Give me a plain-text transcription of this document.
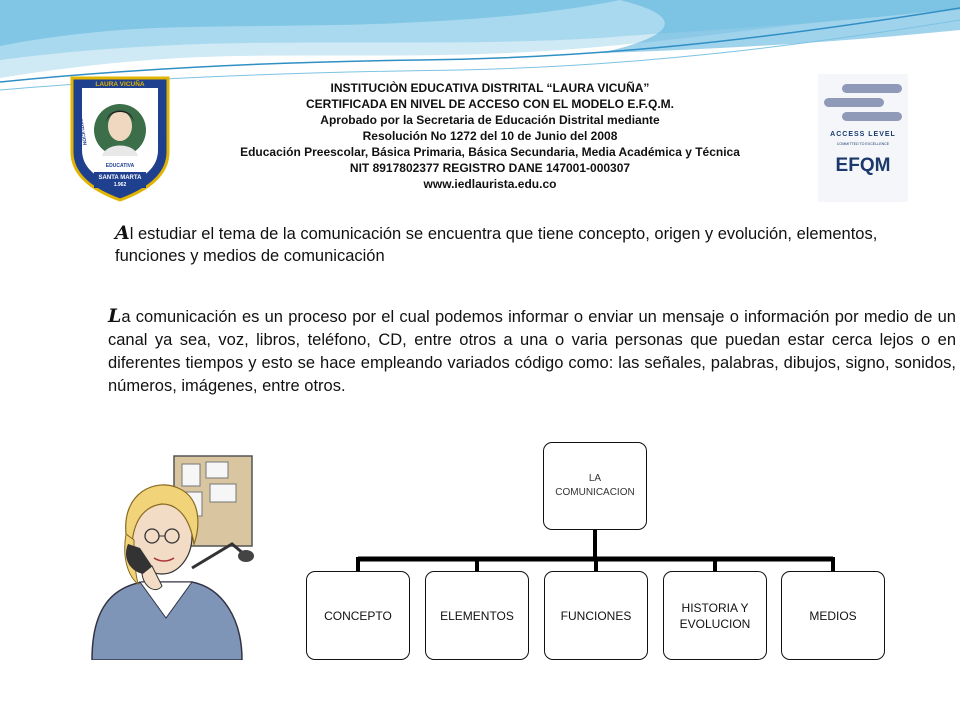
SANTA MARTA
1.962
LAURA VICUÑA
INSTITUCION
DISTRITAL
EDUCATIVA
INSTITUCIÒN EDUCATIVA DISTRITAL “LAURA VICUÑA”
CERTIFICADA EN NIVEL DE ACCESO CON EL MODELO E.F.Q.M.
Aprobado por la Secretaria de Educación Distrital mediante
Resolución No 1272 del 10 de Junio del 2008
Educación Preescolar, Básica Primaria, Básica Secundaria, Media Académica y Técnica
NIT 8917802377 REGISTRO DANE 147001-000307
www.iedlaurista.edu.co
ACCESS LEVEL
COMMITTED TO EXCELLENCE
EFQM
Al estudiar el tema de la comunicación se encuentra que tiene concepto, origen y evolución, elementos, funciones y medios de comunicación
La comunicación es un proceso por el cual podemos informar o enviar un mensaje o información por medio de un canal ya sea, voz, libros, teléfono, CD, entre otros a una o varia personas que puedan estar cerca lejos o en diferentes tiempos y esto se hace empleando variados código como: las señales, palabras, dibujos, signo, sonidos, números, imágenes, entre otros.
LA COMUNICACION
CONCEPTO	ELEMENTOS	FUNCIONES
HISTORIA Y EVOLUCION
MEDIOS
